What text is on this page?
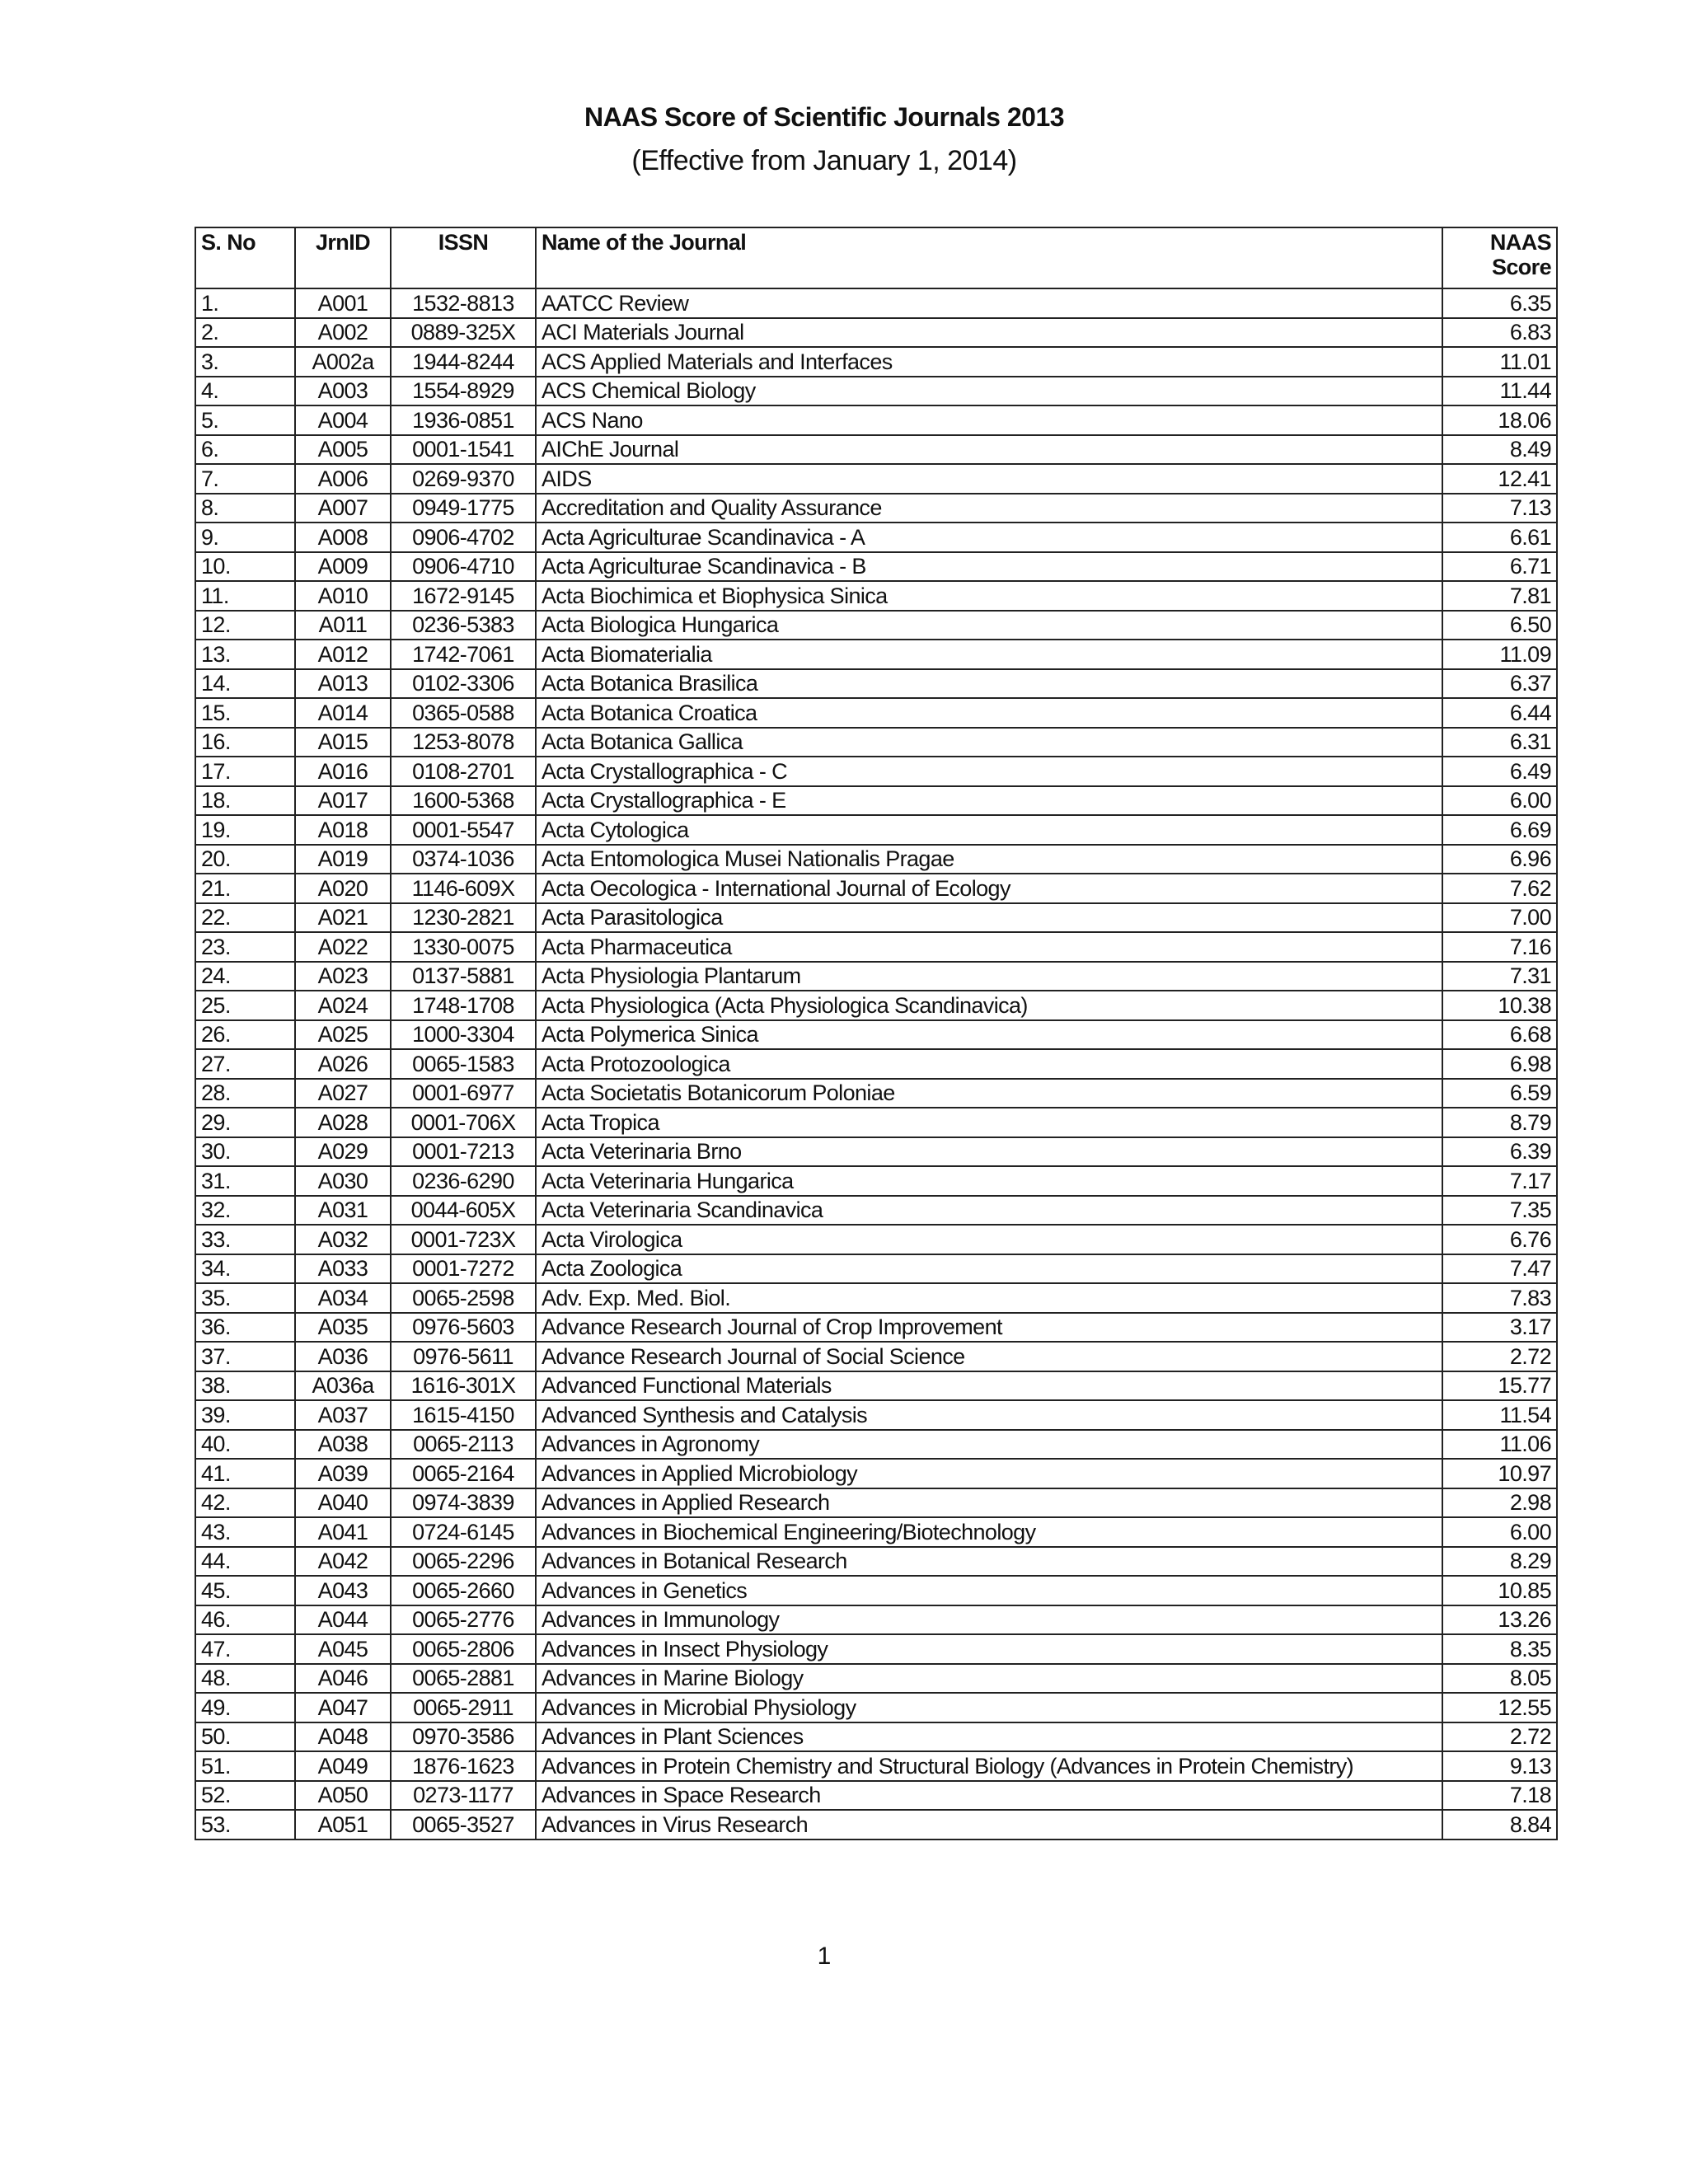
NAAS Score of Scientific Journals 2013
(Effective from January 1, 2014)
S. No	JrnID	ISSN	Name of the Journal	NAAS
Score
1.	A001	1532-8813	AATCC Review	6.35
2.	A002	0889-325X	ACI Materials Journal	6.83
3.	A002a	1944-8244	ACS Applied Materials and Interfaces	11.01
4.	A003	1554-8929	ACS Chemical Biology	11.44
5.	A004	1936-0851	ACS Nano	18.06
6.	A005	0001-1541	AIChE Journal	8.49
7.	A006	0269-9370	AIDS	12.41
8.	A007	0949-1775	Accreditation and Quality Assurance	7.13
9.	A008	0906-4702	Acta Agriculturae Scandinavica - A	6.61
10.	A009	0906-4710	Acta Agriculturae Scandinavica - B	6.71
11.	A010	1672-9145	Acta Biochimica et Biophysica Sinica	7.81
12.	A011	0236-5383	Acta Biologica Hungarica	6.50
13.	A012	1742-7061	Acta Biomaterialia	11.09
14.	A013	0102-3306	Acta Botanica Brasilica	6.37
15.	A014	0365-0588	Acta Botanica Croatica	6.44
16.	A015	1253-8078	Acta Botanica Gallica	6.31
17.	A016	0108-2701	Acta Crystallographica - C	6.49
18.	A017	1600-5368	Acta Crystallographica - E	6.00
19.	A018	0001-5547	Acta Cytologica	6.69
20.	A019	0374-1036	Acta Entomologica Musei Nationalis Pragae	6.96
21.	A020	1146-609X	Acta Oecologica - International Journal of Ecology	7.62
22.	A021	1230-2821	Acta Parasitologica	7.00
23.	A022	1330-0075	Acta Pharmaceutica	7.16
24.	A023	0137-5881	Acta Physiologia Plantarum	7.31
25.	A024	1748-1708	Acta Physiologica (Acta Physiologica Scandinavica)	10.38
26.	A025	1000-3304	Acta Polymerica Sinica	6.68
27.	A026	0065-1583	Acta Protozoologica	6.98
28.	A027	0001-6977	Acta Societatis Botanicorum Poloniae	6.59
29.	A028	0001-706X	Acta Tropica	8.79
30.	A029	0001-7213	Acta Veterinaria Brno	6.39
31.	A030	0236-6290	Acta Veterinaria Hungarica	7.17
32.	A031	0044-605X	Acta Veterinaria Scandinavica	7.35
33.	A032	0001-723X	Acta Virologica	6.76
34.	A033	0001-7272	Acta Zoologica	7.47
35.	A034	0065-2598	Adv. Exp. Med. Biol.	7.83
36.	A035	0976-5603	Advance Research Journal of Crop Improvement	3.17
37.	A036	0976-5611	Advance Research Journal of Social Science	2.72
38.	A036a	1616-301X	Advanced Functional Materials	15.77
39.	A037	1615-4150	Advanced Synthesis and Catalysis	11.54
40.	A038	0065-2113	Advances in Agronomy	11.06
41.	A039	0065-2164	Advances in Applied Microbiology	10.97
42.	A040	0974-3839	Advances in Applied Research	2.98
43.	A041	0724-6145	Advances in Biochemical Engineering/Biotechnology	6.00
44.	A042	0065-2296	Advances in Botanical Research	8.29
45.	A043	0065-2660	Advances in Genetics	10.85
46.	A044	0065-2776	Advances in Immunology	13.26
47.	A045	0065-2806	Advances in Insect Physiology	8.35
48.	A046	0065-2881	Advances in Marine Biology	8.05
49.	A047	0065-2911	Advances in Microbial Physiology	12.55
50.	A048	0970-3586	Advances in Plant Sciences	2.72
51.	A049	1876-1623	Advances in Protein Chemistry and Structural Biology (Advances in Protein Chemistry)	9.13
52.	A050	0273-1177	Advances in Space Research	7.18
53.	A051	0065-3527	Advances in Virus Research	8.84
1
